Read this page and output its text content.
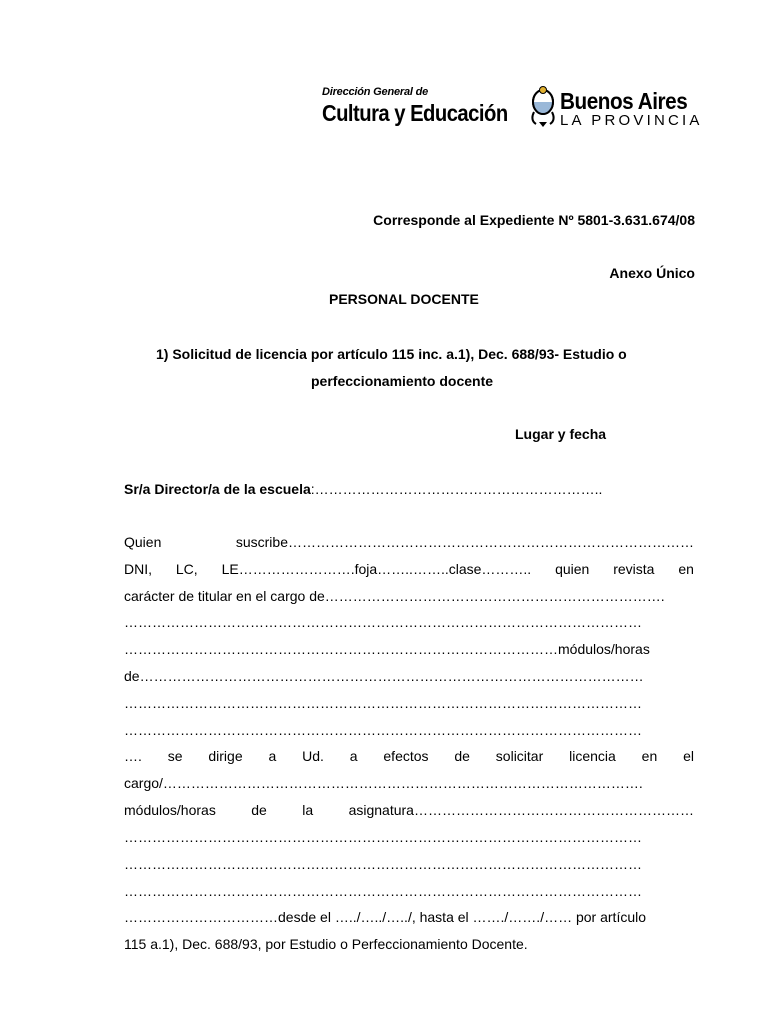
Dirección General de
Cultura y Educación Buenos Aires
LA PROVINCIA
Corresponde al Expediente Nº 5801-3.631.674/08
Anexo Único
PERSONAL DOCENTE
1) Solicitud de licencia por artículo 115 inc. a.1), Dec. 688/93- Estudio o
perfeccionamiento docente
Lugar y fecha
Sr/a Director/a de la escuela:……………………………………………………..
Quien	suscribe……………………………………………………………………………
DNI, LC, LE…………………….foja……..……..clase……….. quien revista en
carácter de titular en el cargo de……………………………………………………………….
…………………………………………………………………………………………………
…………………………………………………………………………………módulos/horas
de………………………………………………………………………………………………
…………………………………………………………………………………………………
…………………………………………………………………………………………………
…. se dirige a Ud. a efectos de solicitar licencia en el
cargo/………………………………………………………………………………………….
módulos/horas	de	la	asignatura……………………………………………………
…………………………………………………………………………………………………
…………………………………………………………………………………………………
…………………………………………………………………………………………………
……………………………desde el …../…../…../, hasta el ……./……./…… por artículo
115 a.1), Dec. 688/93, por Estudio o Perfeccionamiento Docente.
